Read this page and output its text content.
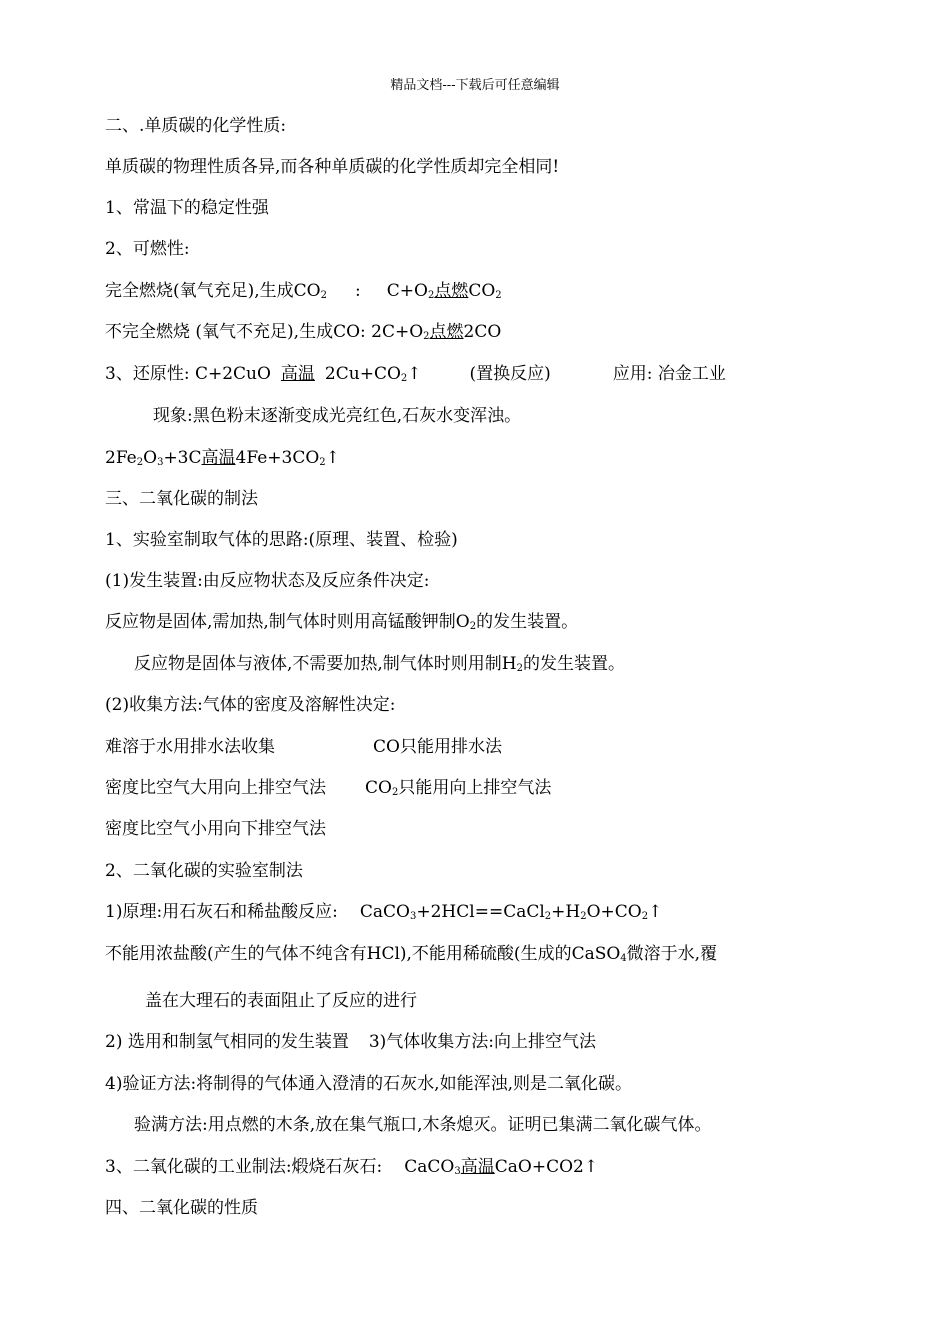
精品文档---下载后可任意编辑
二、.单质碳的化学性质:
单质碳的物理性质各异,而各种单质碳的化学性质却完全相同!
1、常温下的稳定性强
2、可燃性:
完全燃烧(氧气充足),生成$CO_2$ : $C+O_2$点燃$CO_2$
不完全燃烧 (氧气不充足),生成CO: $2C+O_2$点燃2CO
3、还原性: C+2CuO 高温 $2Cu+CO_2↑$	(置换反应)	应用: 冶金工业
现象:黑色粉末逐渐变成光亮红色,石灰水变浑浊。
$2Fe_2O_3+3C$高温$4Fe+3CO_2↑$
三、二氧化碳的制法
1、实验室制取气体的思路:(原理、装置、检验)
(1)发生装置:由反应物状态及反应条件决定:
反应物是固体,需加热,制气体时则用高锰酸钾制$O_2$的发生装置。
反应物是固体与液体,不需要加热,制气体时则用制$H_2$的发生装置。
(2)收集方法:气体的密度及溶解性决定:
难溶于水用排水法收集	CO只能用排水法
密度比空气大用向上排空气法 $CO_2$只能用向上排空气法
密度比空气小用向下排空气法
2、二氧化碳的实验室制法
1)原理:用石灰石和稀盐酸反应: $CaCO_3+2HCl==CaCl_2+H_2O+CO_2↑$
不能用浓盐酸(产生的气体不纯含有HCl),不能用稀硫酸(生成的CaSO$_4$微溶于水,覆
盖在大理石的表面阻止了反应的进行
2) 选用和制氢气相同的发生装置 3)气体收集方法:向上排空气法
4)验证方法:将制得的气体通入澄清的石灰水,如能浑浊,则是二氧化碳。
验满方法:用点燃的木条,放在集气瓶口,木条熄灭。证明已集满二氧化碳气体。
3、二氧化碳的工业制法:煅烧石灰石: CaCO$_3$高温CaO+CO2↑
四、二氧化碳的性质
